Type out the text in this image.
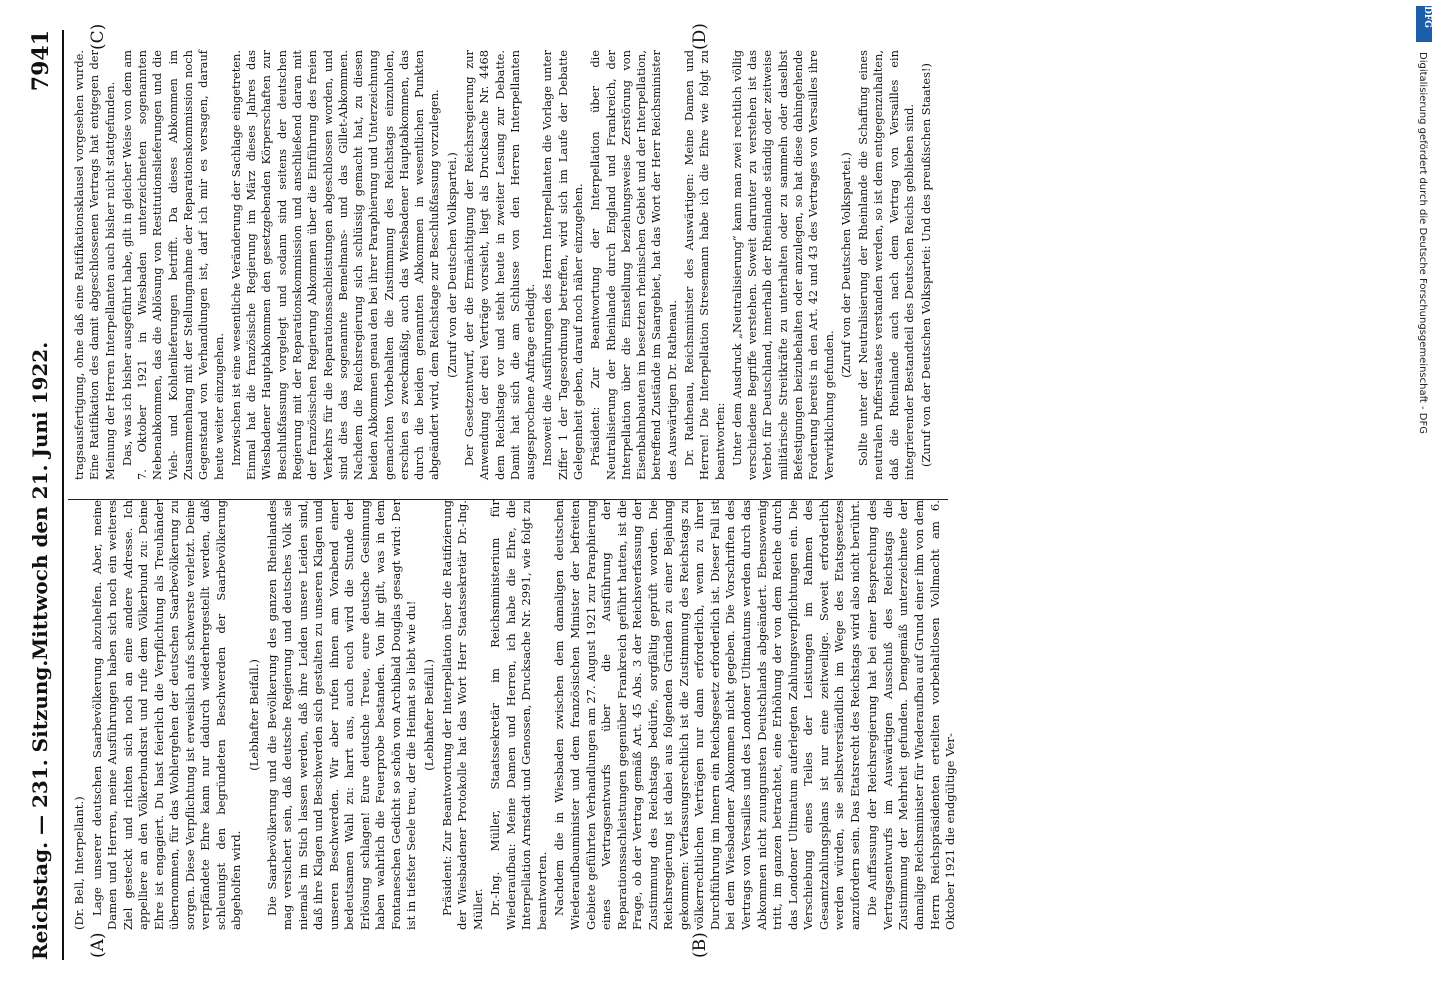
Reichstag. — 231. Sitzung.
Mittwoch den 21. Juni 1922.
7941
(A)	(B)
(C)	(D)

(Dr. Bell, Interpellant.) Lage unserer deutschen Saarbevölkerung abzuhelfen. Aber, meine Damen und Herren, meine Ausführungen haben sich noch ein weiteres Ziel gesteckt und richten sich noch an eine andere Adresse. Ich appelliere an den Völkerbundsrat und rufe dem Völkerbund zu: Deine Ehre ist engagiert. Du hast feierlich die Verpflichtung als Treuhänder übernommen, für das Wohlergehen der deutschen Saarbevölkerung zu sorgen. Diese Verpflichtung ist erweislich aufs schwerste verletzt. Deine verpfändete Ehre kann nur dadurch wiederhergestellt werden, daß schleunigst den begründeten Beschwerden der Saarbevölkerung abgeholfen wird.

(Lebhafter Beifall.) Die Saarbevölkerung und die Bevölkerung des ganzen Rheinlandes mag versichert sein, daß deutsche Regierung und deutsches Volk sie niemals im Stich lassen werden, daß ihre Leiden unsere Leiden sind, daß ihre Klagen und Beschwerden sich gestalten zu unseren Klagen und unseren Beschwerden. Wir aber rufen ihnen am Vorabend einer bedeutsamen Wahl zu: harrt aus, auch euch wird die Stunde der Erlösung schlagen! Eure deutsche Treue, eure deutsche Gesinnung haben wahrlich die Feuerprobe bestanden. Von ihr gilt, was in dem Fontaneschen Gedicht so schön von Archibald Douglas gesagt wird: Der ist in tiefster Seele treu, der die Heimat so liebt wie du! (Lebhafter Beifall.) Präsident: Zur Beantwortung der Interpellation über die Ratifizierung der Wiesbadener Protokolle hat das Wort Herr Staatssekretär Dr.-Ing. Müller. Dr.-Ing. Müller, Staatssekretär im Reichsministerium für Wiederaufbau: Meine Damen und Herren, ich habe die Ehre, die Interpellation Arnstadt und Genossen, Drucksache Nr. 2991, wie folgt zu beantworten. Nachdem die in Wiesbaden zwischen dem damaligen deutschen Wiederaufbauminister und dem französischen Minister der befreiten Gebiete geführten Verhandlungen am 27. August 1921 zur Paraphierung eines Vertragsentwurfs über die Ausführung der Reparationssachleistungen gegenüber Frankreich geführt hatten, ist die Frage, ob der Vertrag gemäß Art. 45 Abs. 3 der Reichsverfassung der Zustimmung des Reichstags bedürfe, sorgfältig geprüft worden. Die Reichsregierung ist dabei aus folgenden Gründen zu einer Bejahung gekommen: Verfassungsrechtlich ist die Zustimmung des Reichstags zu völkerrechtlichen Verträgen nur dann erforderlich, wenn zu ihrer Durchführung im Innern ein Reichsgesetz erforderlich ist. Dieser Fall ist bei dem Wiesbadener Abkommen nicht gegeben. Die Vorschriften des Vertrags von Versailles und des Londoner Ultimatums werden durch das Abkommen nicht zuungunsten Deutschlands abgeändert. Ebensowenig tritt, im ganzen betrachtet, eine Erhöhung der von dem Reiche durch das Londoner Ultimatum auferlegten Zahlungsverpflichtungen ein. Die Verschiebung eines Teiles der Leistungen im Rahmen des Gesamtzahlungsplans ist nur eine zeitweilige. Soweit erforderlich werden würden, sie selbstverständlich im Wege des Etatsgesetzes anzufordern sein. Das Etatsrecht des Reichstags wird also nicht berührt. Die Auffassung der Reichsregierung hat bei einer Besprechung des Vertragsentwurfs im Auswärtigen Ausschuß des Reichstags die Zustimmung der Mehrheit gefunden. Demgemäß unterzeichnete der damalige Reichsminister für Wiederaufbau auf Grund einer ihm von dem Herrn Reichspräsidenten erteilten vorbehaltlosen Vollmacht am 6. Oktober 1921 die endgültige Ver-

tragsausfertigung, ohne daß eine Ratifikationsklausel vorgesehen wurde. Eine Ratifikation des damit abgeschlossenen Vertrags hat entgegen der Meinung der Herren Interpellanten auch bisher nicht stattgefunden. Das, was ich bisher ausgeführt habe, gilt in gleicher Weise von dem am 7. Oktober 1921 in Wiesbaden unterzeichneten sogenannten Nebenabkommen, das die Ablösung von Restitutionslieferungen und die Vieh- und Kohlenlieferungen betrifft. Da dieses Abkommen im Zusammenhang mit der Stellungnahme der Reparationskommission noch Gegenstand von Verhandlungen ist, darf ich mir es versagen, darauf heute weiter einzugehen. Inzwischen ist eine wesentliche Veränderung der Sachlage eingetreten. Einmal hat die französische Regierung im März dieses Jahres das Wiesbadener Hauptabkommen den gesetzgebenden Körperschaften zur Beschlußfassung vorgelegt und sodann sind seitens der deutschen Regierung mit der Reparationskommission und anschließend daran mit der französischen Regierung Abkommen über die Einführung des freien Verkehrs für die Reparationssachleistungen abgeschlossen worden, und sind dies das sogenannte Bemelmans- und das Gillet-Abkommen. Nachdem die Reichsregierung sich schlüssig gemacht hat, zu diesen beiden Abkommen genau den bei ihrer Paraphierung und Unterzeichnung gemachten Vorbehalten die Zustimmung des Reichstags einzuholen, erschien es zweckmäßig, auch das Wiesbadener Hauptabkommen, das durch die beiden genannten Abkommen in wesentlichen Punkten abgeändert wird, dem Reichstage zur Beschlußfassung vorzulegen. (Zuruf von der Deutschen Volkspartei.) Der Gesetzentwurf, der die Ermächtigung der Reichsregierung zur Anwendung der drei Verträge vorsieht, liegt als Drucksache Nr. 4468 dem Reichstage vor und steht heute in zweiter Lesung zur Debatte. Damit hat sich die am Schlusse von den Herren Interpellanten ausgesprochene Anfrage erledigt. Insoweit die Ausführungen des Herrn Interpellanten die Vorlage unter Ziffer 1 der Tagesordnung betreffen, wird sich im Laufe der Debatte Gelegenheit geben, darauf noch näher einzugehen. Präsident: Zur Beantwortung der Interpellation über die Neutralisierung der Rheinlande durch England und Frankreich, der Interpellation über die Einstellung beziehungsweise Zerstörung von Eisenbahnbauten im besetzten rheinischen Gebiet und der Interpellation, betreffend Zustände im Saargebiet, hat das Wort der Herr Reichsminister des Auswärtigen Dr. Rathenau. Dr. Rathenau, Reichsminister des Auswärtigen: Meine Damen und Herren! Die Interpellation Stresemann habe ich die Ehre wie folgt zu beantworten: Unter dem Ausdruck „Neutralisierung“ kann man zwei rechtlich völlig verschiedene Begriffe verstehen. Soweit darunter zu verstehen ist das Verbot für Deutschland, innerhalb der Rheinlande ständig oder zeitweise militärische Streitkräfte zu unterhalten oder zu sammeln oder daselbst Befestigungen beizubehalten oder anzulegen, so hat diese dahingehende Forderung bereits in den Art. 42 und 43 des Vertrages von Versailles ihre Verwirklichung gefunden.

(Zuruf von der Deutschen Volkspartei.) Sollte unter der Neutralisierung der Rheinlande die Schaffung eines neutralen Pufferstaates verstanden werden, so ist dem entgegenzuhalten, daß die Rheinlande auch nach dem Vertrag von Versailles ein integrierender Bestandteil des Deutschen Reichs geblieben sind. (Zuruf von der Deutschen Volkspartei: Und des preußischen Staates!)

DFG
Digitalisierung gefördert durch die Deutsche Forschungsgemeinschaft - DFG
